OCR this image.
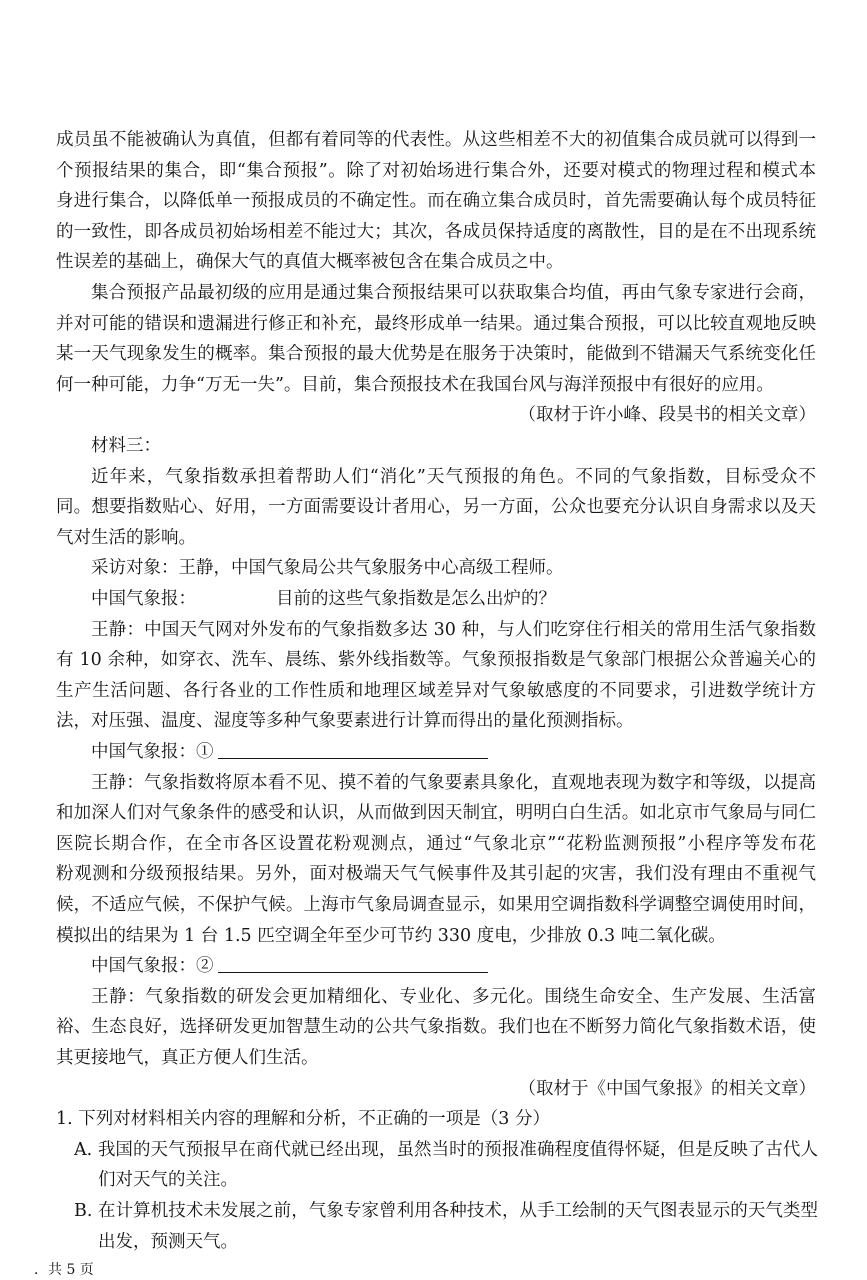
成员虽不能被确认为真值，但都有着同等的代表性。从这些相差不大的初值集合成员就可以得到一
个预报结果的集合，即“集合预报”。除了对初始场进行集合外，还要对模式的物理过程和模式本
身进行集合，以降低单一预报成员的不确定性。而在确立集合成员时，首先需要确认每个成员特征
的一致性，即各成员初始场相差不能过大；其次，各成员保持适度的离散性，目的是在不出现系统
性误差的基础上，确保大气的真值大概率被包含在集合成员之中。
集合预报产品最初级的应用是通过集合预报结果可以获取集合均值，再由气象专家进行会商，
并对可能的错误和遗漏进行修正和补充，最终形成单一结果。通过集合预报，可以比较直观地反映
某一天气现象发生的概率。集合预报的最大优势是在服务于决策时，能做到不错漏天气系统变化任
何一种可能，力争“万无一失”。目前，集合预报技术在我国台风与海洋预报中有很好的应用。
（取材于许小峰、段昊书的相关文章）
材料三：
近年来，气象指数承担着帮助人们“消化”天气预报的角色。不同的气象指数，目标受众不
同。想要指数贴心、好用，一方面需要设计者用心，另一方面，公众也要充分认识自身需求以及天
气对生活的影响。
采访对象：王静，中国气象局公共气象服务中心高级工程师。
中国气象报：	目前的这些气象指数是怎么出炉的？
王静：中国天气网对外发布的气象指数多达 30 种，与人们吃穿住行相关的常用生活气象指数
有 10 余种，如穿衣、洗车、晨练、紫外线指数等。气象预报指数是气象部门根据公众普遍关心的
生产生活问题、各行各业的工作性质和地理区域差异对气象敏感度的不同要求，引进数学统计方
法，对压强、温度、湿度等多种气象要素进行计算而得出的量化预测指标。
中国气象报：①
王静：气象指数将原本看不见、摸不着的气象要素具象化，直观地表现为数字和等级，以提高
和加深人们对气象条件的感受和认识，从而做到因天制宜，明明白白生活。如北京市气象局与同仁
医院长期合作，在全市各区设置花粉观测点，通过“气象北京”“花粉监测预报”小程序等发布花
粉观测和分级预报结果。另外，面对极端天气气候事件及其引起的灾害，我们没有理由不重视气
候，不适应气候，不保护气候。上海市气象局调查显示，如果用空调指数科学调整空调使用时间，
模拟出的结果为 1 台 1.5 匹空调全年至少可节约 330 度电，少排放 0.3 吨二氧化碳。
中国气象报：②
王静：气象指数的研发会更加精细化、专业化、多元化。围绕生命安全、生产发展、生活富
裕、生态良好，选择研发更加智慧生动的公共气象指数。我们也在不断努力简化气象指数术语，使
其更接地气，真正方便人们生活。
（取材于《中国气象报》的相关文章）
1. 下列对材料相关内容的理解和分析，不正确的一项是（3 分）
A. 我国的天气预报早在商代就已经出现，虽然当时的预报准确程度值得怀疑，但是反映了古代人
们对天气的关注。
B. 在计算机技术未发展之前，气象专家曾利用各种技术，从手工绘制的天气图表显示的天气类型
出发，预测天气。
．共 5 页
